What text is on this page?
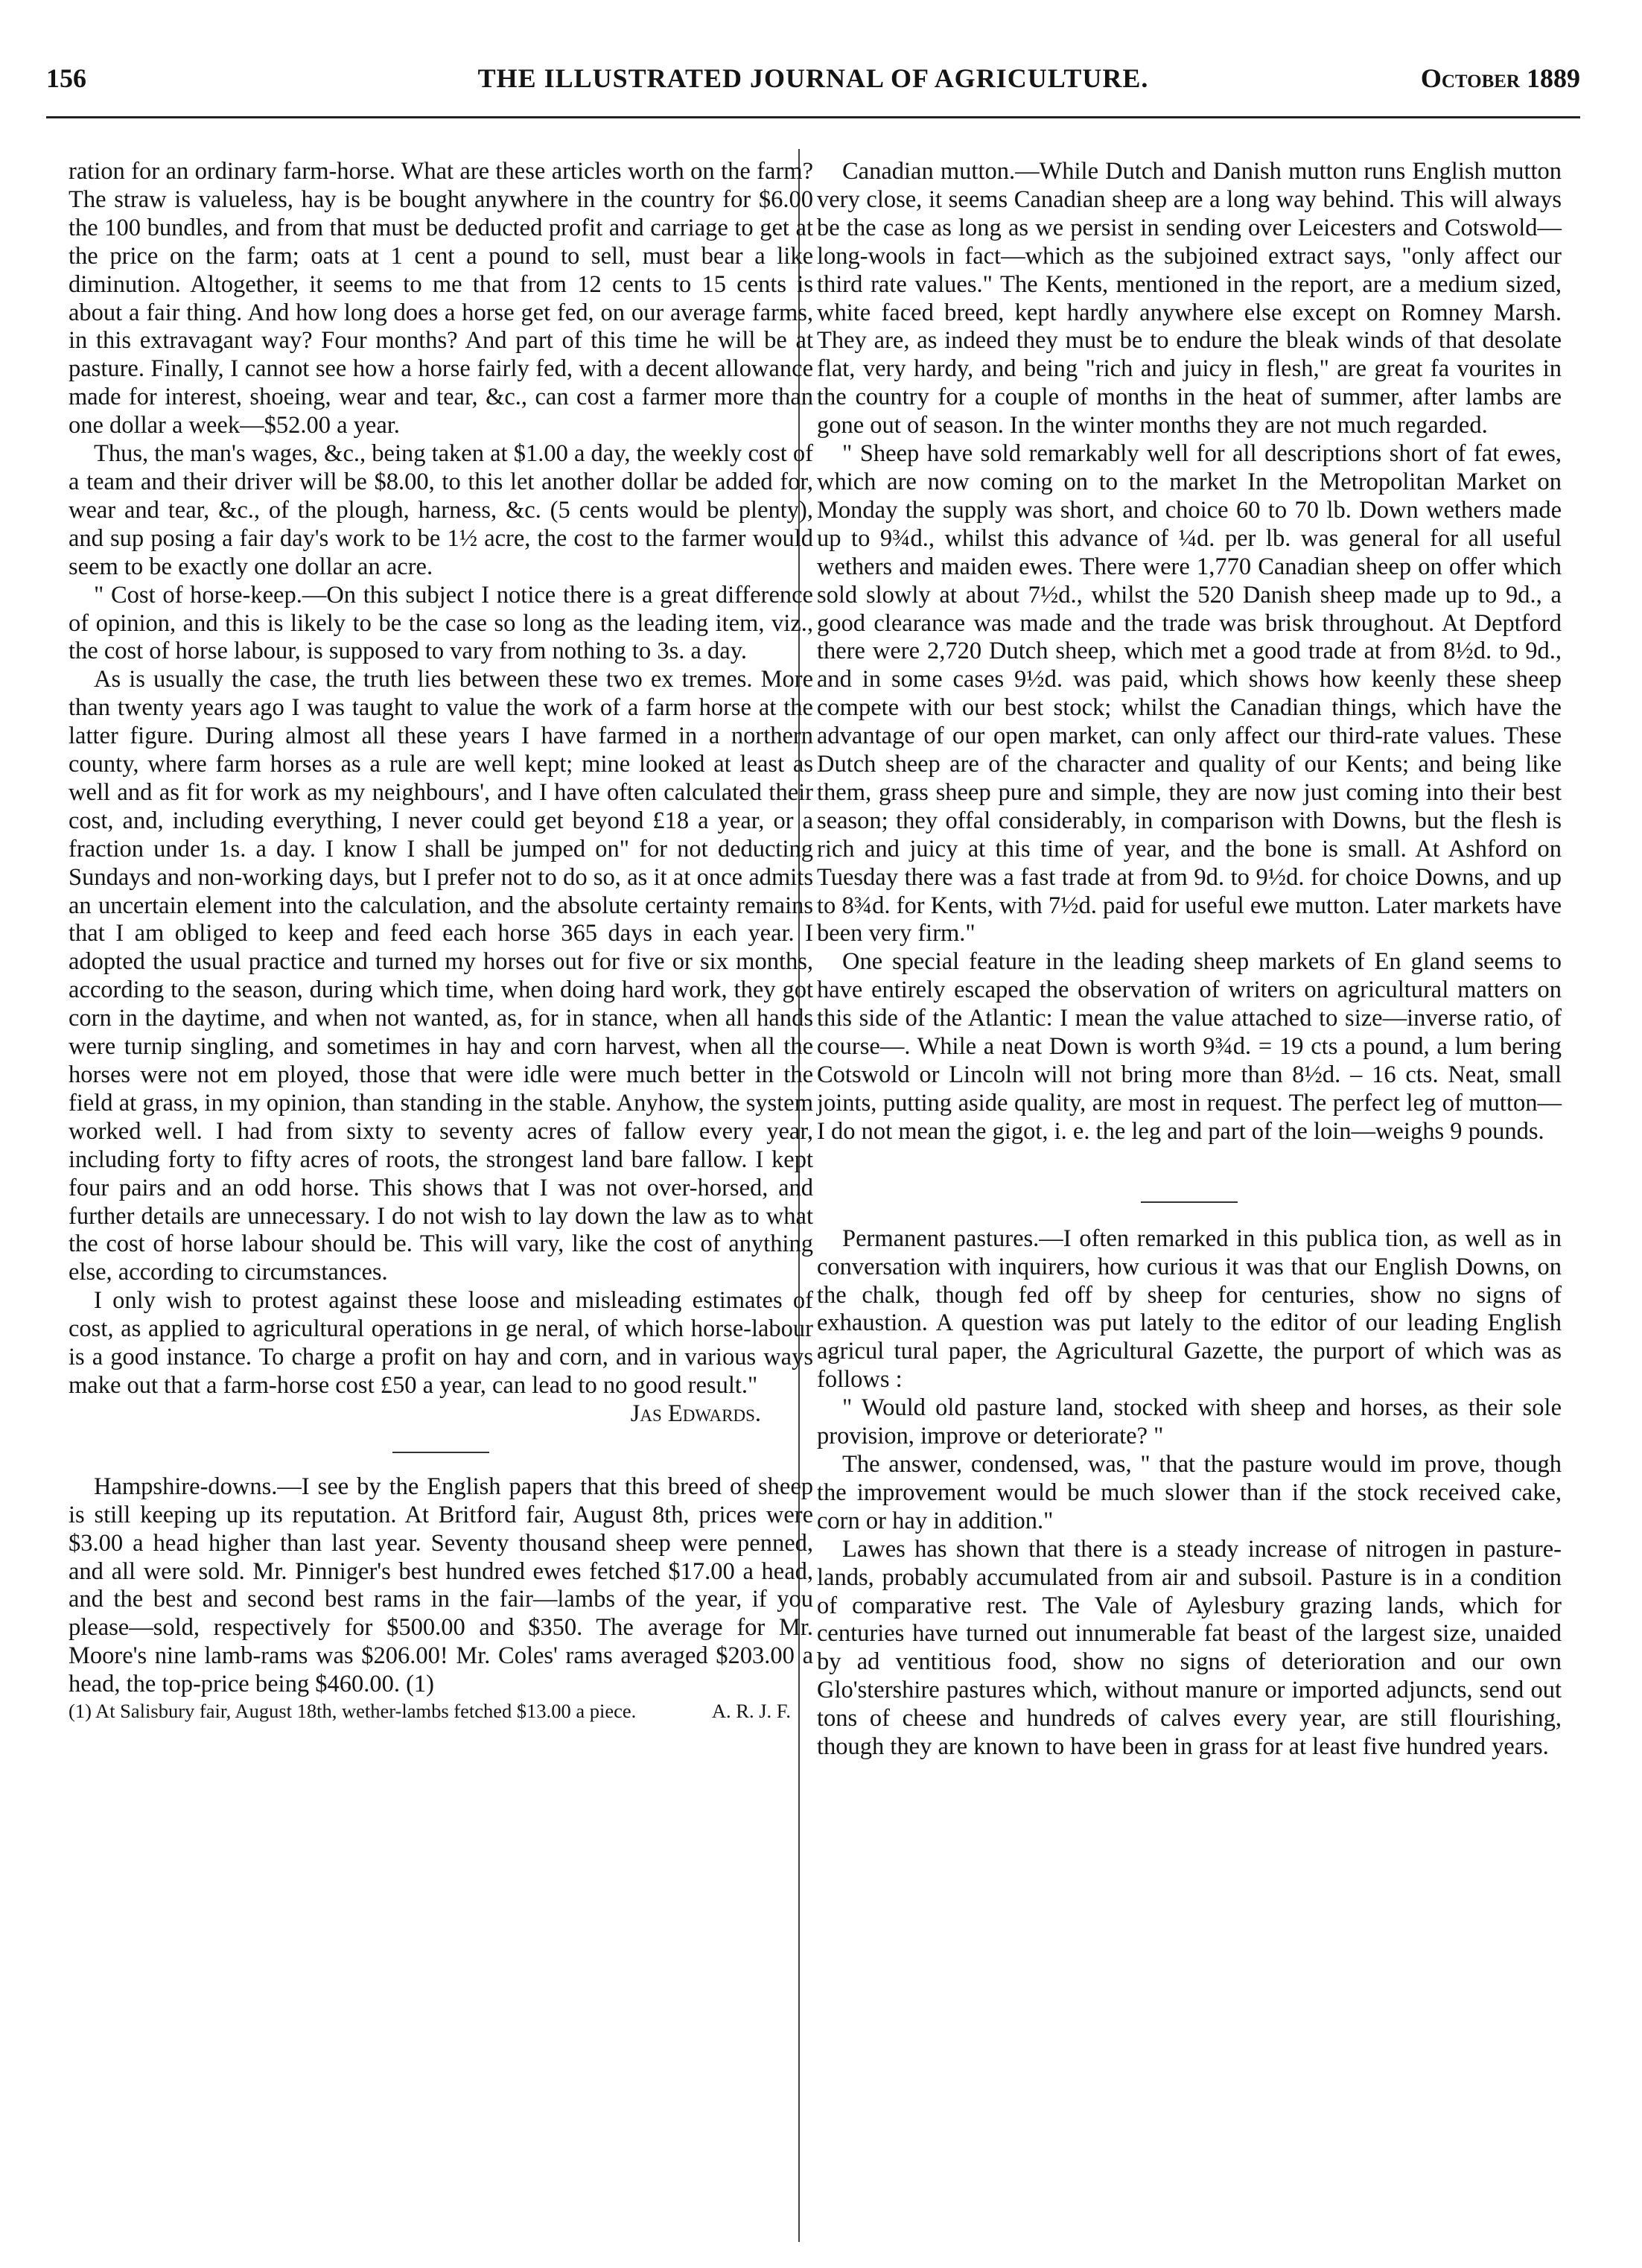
156	THE ILLUSTRATED JOURNAL OF AGRICULTURE.	October 1889

ration for an ordinary farm-horse. What are these articles worth on the farm? The straw is valueless, hay is be bought anywhere in the country for $6.00 the 100 bundles, and from that must be deducted profit and carriage to get at the price on the farm; oats at 1 cent a pound to sell, must bear a like diminution. Altogether, it seems to me that from 12 cents to 15 cents is about a fair thing. And how long does a horse get fed, on our average farms, in this extravagant way? Four months? And part of this time he will be at pasture. Finally, I cannot see how a horse fairly fed, with a decent allowance made for interest, shoeing, wear and tear, &c., can cost a farmer more than one dollar a week—$52.00 a year.

Thus, the man's wages, &c., being taken at $1.00 a day, the weekly cost of a team and their driver will be $8.00, to this let another dollar be added for, wear and tear, &c., of the plough, harness, &c. (5 cents would be plenty), and sup posing a fair day's work to be 1½ acre, the cost to the farmer would seem to be exactly one dollar an acre.

" Cost of horse-keep.—On this subject I notice there is a great difference of opinion, and this is likely to be the case so long as the leading item, viz., the cost of horse labour, is supposed to vary from nothing to 3s. a day.

As is usually the case, the truth lies between these two ex tremes. More than twenty years ago I was taught to value the work of a farm horse at the latter figure. During almost all these years I have farmed in a northern county, where farm horses as a rule are well kept; mine looked at least as well and as fit for work as my neighbours', and I have often calculated their cost, and, including everything, I never could get beyond £18 a year, or a fraction under 1s. a day. I know I shall be jumped on" for not deducting Sundays and non-working days, but I prefer not to do so, as it at once admits an uncertain element into the calculation, and the absolute certainty remains that I am obliged to keep and feed each horse 365 days in each year. I adopted the usual practice and turned my horses out for five or six months, according to the season, during which time, when doing hard work, they got corn in the daytime, and when not wanted, as, for in stance, when all hands were turnip singling, and sometimes in hay and corn harvest, when all the horses were not em ployed, those that were idle were much better in the field at grass, in my opinion, than standing in the stable. Anyhow, the system worked well. I had from sixty to seventy acres of fallow every year, including forty to fifty acres of roots, the strongest land bare fallow. I kept four pairs and an odd horse. This shows that I was not over-horsed, and further details are unnecessary. I do not wish to lay down the law as to what the cost of horse labour should be. This will vary, like the cost of anything else, according to circumstances.

I only wish to protest against these loose and misleading estimates of cost, as applied to agricultural operations in ge neral, of which horse-labour is a good instance. To charge a profit on hay and corn, and in various ways make out that a farm-horse cost £50 a year, can lead to no good result."

Jas Edwards.

Hampshire-downs.—I see by the English papers that this breed of sheep is still keeping up its reputation. At Britford fair, August 8th, prices were $3.00 a head higher than last year. Seventy thousand sheep were penned, and all were sold. Mr. Pinniger's best hundred ewes fetched $17.00 a head, and the best and second best rams in the fair—lambs of the year, if you please—sold, respectively for $500.00 and $350. The average for Mr. Moore's nine lamb-rams was $206.00! Mr. Coles' rams averaged $203.00 a head, the top-price being $460.00. (1)

(1) At Salisbury fair, August 18th, wether-lambs fetched $13.00 a piece.	A. R. J. F.

Canadian mutton.—While Dutch and Danish mutton runs English mutton very close, it seems Canadian sheep are a long way behind. This will always be the case as long as we persist in sending over Leicesters and Cotswold—long-wools in fact—which as the subjoined extract says, "only affect our third rate values." The Kents, mentioned in the report, are a medium sized, white faced breed, kept hardly anywhere else except on Romney Marsh. They are, as indeed they must be to endure the bleak winds of that desolate flat, very hardy, and being "rich and juicy in flesh," are great fa vourites in the country for a couple of months in the heat of summer, after lambs are gone out of season. In the winter months they are not much regarded.

" Sheep have sold remarkably well for all descriptions short of fat ewes, which are now coming on to the market In the Metropolitan Market on Monday the supply was short, and choice 60 to 70 lb. Down wethers made up to 9¾d., whilst this advance of ¼d. per lb. was general for all useful wethers and maiden ewes. There were 1,770 Canadian sheep on offer which sold slowly at about 7½d., whilst the 520 Danish sheep made up to 9d., a good clearance was made and the trade was brisk throughout. At Deptford there were 2,720 Dutch sheep, which met a good trade at from 8½d. to 9d., and in some cases 9½d. was paid, which shows how keenly these sheep compete with our best stock; whilst the Canadian things, which have the advantage of our open market, can only affect our third-rate values. These Dutch sheep are of the character and quality of our Kents; and being like them, grass sheep pure and simple, they are now just coming into their best season; they offal considerably, in comparison with Downs, but the flesh is rich and juicy at this time of year, and the bone is small. At Ashford on Tuesday there was a fast trade at from 9d. to 9½d. for choice Downs, and up to 8¾d. for Kents, with 7½d. paid for useful ewe mutton. Later markets have been very firm."

One special feature in the leading sheep markets of En gland seems to have entirely escaped the observation of writers on agricultural matters on this side of the Atlantic: I mean the value attached to size—inverse ratio, of course—. While a neat Down is worth 9¾d. = 19 cts a pound, a lum bering Cotswold or Lincoln will not bring more than 8½d. – 16 cts. Neat, small joints, putting aside quality, are most in request. The perfect leg of mutton—I do not mean the gigot, i. e. the leg and part of the loin—weighs 9 pounds.

Permanent pastures.—I often remarked in this publica tion, as well as in conversation with inquirers, how curious it was that our English Downs, on the chalk, though fed off by sheep for centuries, show no signs of exhaustion. A question was put lately to the editor of our leading English agricul tural paper, the Agricultural Gazette, the purport of which was as follows :

" Would old pasture land, stocked with sheep and horses, as their sole provision, improve or deteriorate? "

The answer, condensed, was, " that the pasture would im prove, though the improvement would be much slower than if the stock received cake, corn or hay in addition."

Lawes has shown that there is a steady increase of nitrogen in pasture-lands, probably accumulated from air and subsoil. Pasture is in a condition of comparative rest. The Vale of Aylesbury grazing lands, which for centuries have turned out innumerable fat beast of the largest size, unaided by ad ventitious food, show no signs of deterioration and our own Glo'stershire pastures which, without manure or imported adjuncts, send out tons of cheese and hundreds of calves every year, are still flourishing, though they are known to have been in grass for at least five hundred years.
